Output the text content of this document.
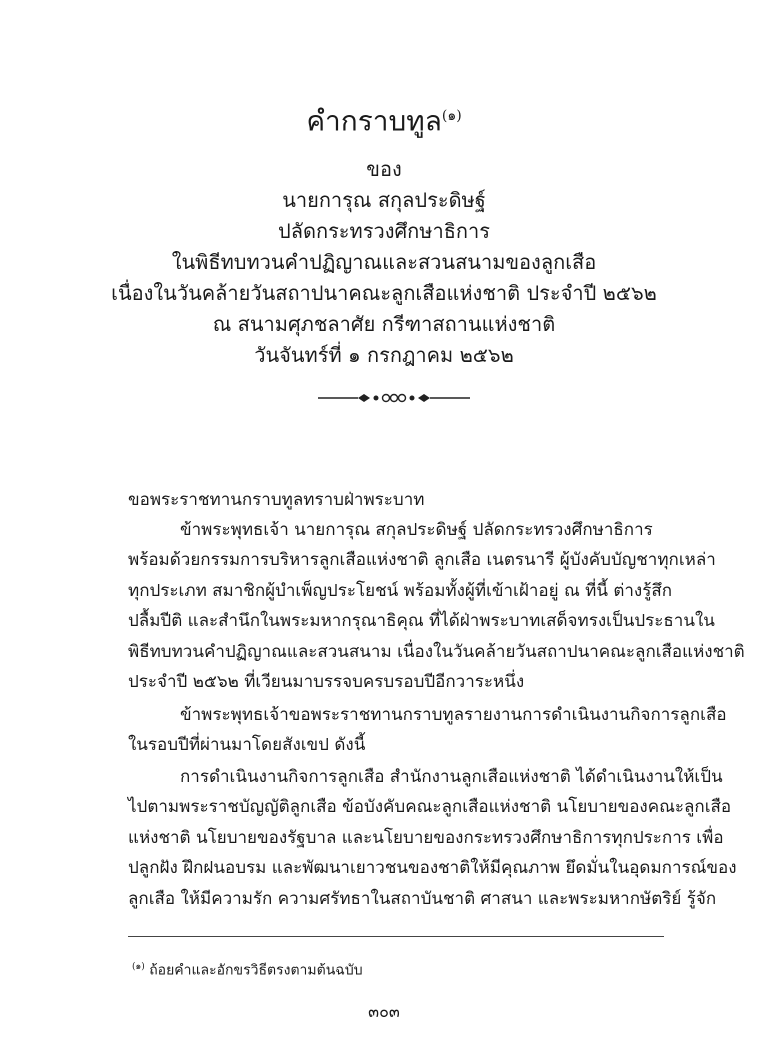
คำกราบทูล$^{(๑)}$

ของ

นายการุณ สกุลประดิษฐ์

ปลัดกระทรวงศึกษาธิการ

ในพิธีทบทวนคำปฏิญาณและสวนสนามของลูกเสือ

เนื่องในวันคล้ายวันสถาปนาคณะลูกเสือแห่งชาติ ประจำปี ๒๕๖๒

ณ สนามศุภชลาศัย กรีฑาสถานแห่งชาติ

วันจันทร์ที่ ๑ กรกฎาคม ๒๕๖๒

ขอพระราชทานกราบทูลทราบฝ่าพระบาท
ข้าพระพุทธเจ้า นายการุณ สกุลประดิษฐ์ ปลัดกระทรวงศึกษาธิการ
พร้อมด้วยกรรมการบริหารลูกเสือแห่งชาติ ลูกเสือ เนตรนารี ผู้บังคับบัญชาทุกเหล่า
ทุกประเภท สมาชิกผู้บำเพ็ญประโยชน์ พร้อมทั้งผู้ที่เข้าเฝ้าอยู่ ณ ที่นี้ ต่างรู้สึก
ปลื้มปีติ และสำนึกในพระมหากรุณาธิคุณ ที่ได้ฝ่าพระบาทเสด็จทรงเป็นประธานใน
พิธีทบทวนคำปฏิญาณและสวนสนาม เนื่องในวันคล้ายวันสถาปนาคณะลูกเสือแห่งชาติ
ประจำปี ๒๕๖๒ ที่เวียนมาบรรจบครบรอบปีอีกวาระหนึ่ง
ข้าพระพุทธเจ้าขอพระราชทานกราบทูลรายงานการดำเนินงานกิจการลูกเสือ
ในรอบปีที่ผ่านมาโดยสังเขป ดังนี้
การดำเนินงานกิจการลูกเสือ สำนักงานลูกเสือแห่งชาติ ได้ดำเนินงานให้เป็น
ไปตามพระราชบัญญัติลูกเสือ ข้อบังคับคณะลูกเสือแห่งชาติ นโยบายของคณะลูกเสือ
แห่งชาติ นโยบายของรัฐบาล และนโยบายของกระทรวงศึกษาธิการทุกประการ เพื่อ
ปลูกฝัง ฝึกฝนอบรม และพัฒนาเยาวชนของชาติให้มีคุณภาพ ยึดมั่นในอุดมการณ์ของ
ลูกเสือ ให้มีความรัก ความศรัทธาในสถาบันชาติ ศาสนา และพระมหากษัตริย์ รู้จัก
$^{(๑)}$ ถ้อยคำและอักขรวิธีตรงตามต้นฉบับ
๓๐๓
